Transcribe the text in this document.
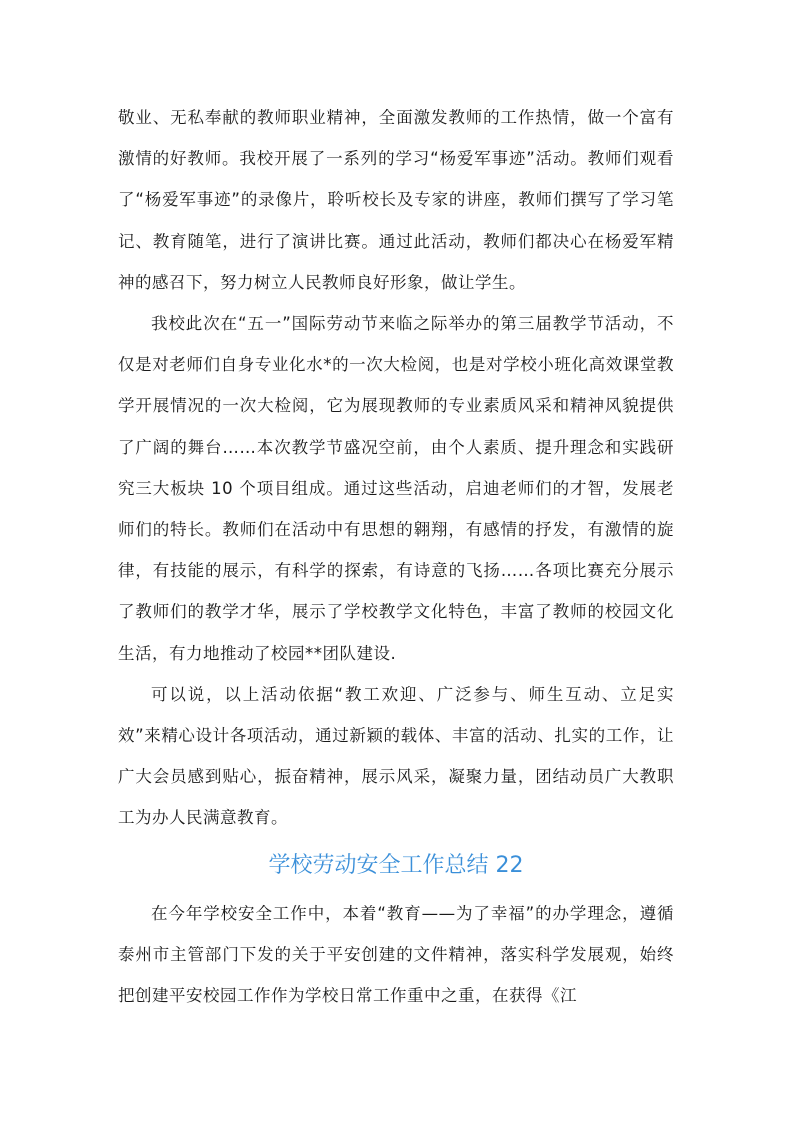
敬业、无私奉献的教师职业精神，全面激发教师的工作热情，做一个富有激情的好教师。我校开展了一系列的学习“杨爱军事迹”活动。教师们观看了“杨爱军事迹”的录像片，聆听校长及专家的讲座，教师们撰写了学习笔记、教育随笔，进行了演讲比赛。通过此活动，教师们都决心在杨爱军精神的感召下，努力树立人民教师良好形象，做让学生。

我校此次在“五一”国际劳动节来临之际举办的第三届教学节活动，不仅是对老师们自身专业化水*的一次大检阅，也是对学校小班化高效课堂教学开展情况的一次大检阅，它为展现教师的专业素质风采和精神风貌提供了广阔的舞台……本次教学节盛况空前，由个人素质、提升理念和实践研究三大板块 10 个项目组成。通过这些活动，启迪老师们的才智，发展老师们的特长。教师们在活动中有思想的翱翔，有感情的抒发，有激情的旋律，有技能的展示，有科学的探索，有诗意的飞扬……各项比赛充分展示了教师们的教学才华，展示了学校教学文化特色，丰富了教师的校园文化生活，有力地推动了校园**团队建设.

可以说，以上活动依据“教工欢迎、广泛参与、师生互动、立足实效”来精心设计各项活动，通过新颖的载体、丰富的活动、扎实的工作，让广大会员感到贴心，振奋精神，展示风采，凝聚力量，团结动员广大教职工为办人民满意教育。

学校劳动安全工作总结 22

在今年学校安全工作中，本着“教育——为了幸福”的办学理念，遵循泰州市主管部门下发的关于平安创建的文件精神，落实科学发展观，始终把创建平安校园工作作为学校日常工作重中之重，在获得《江
